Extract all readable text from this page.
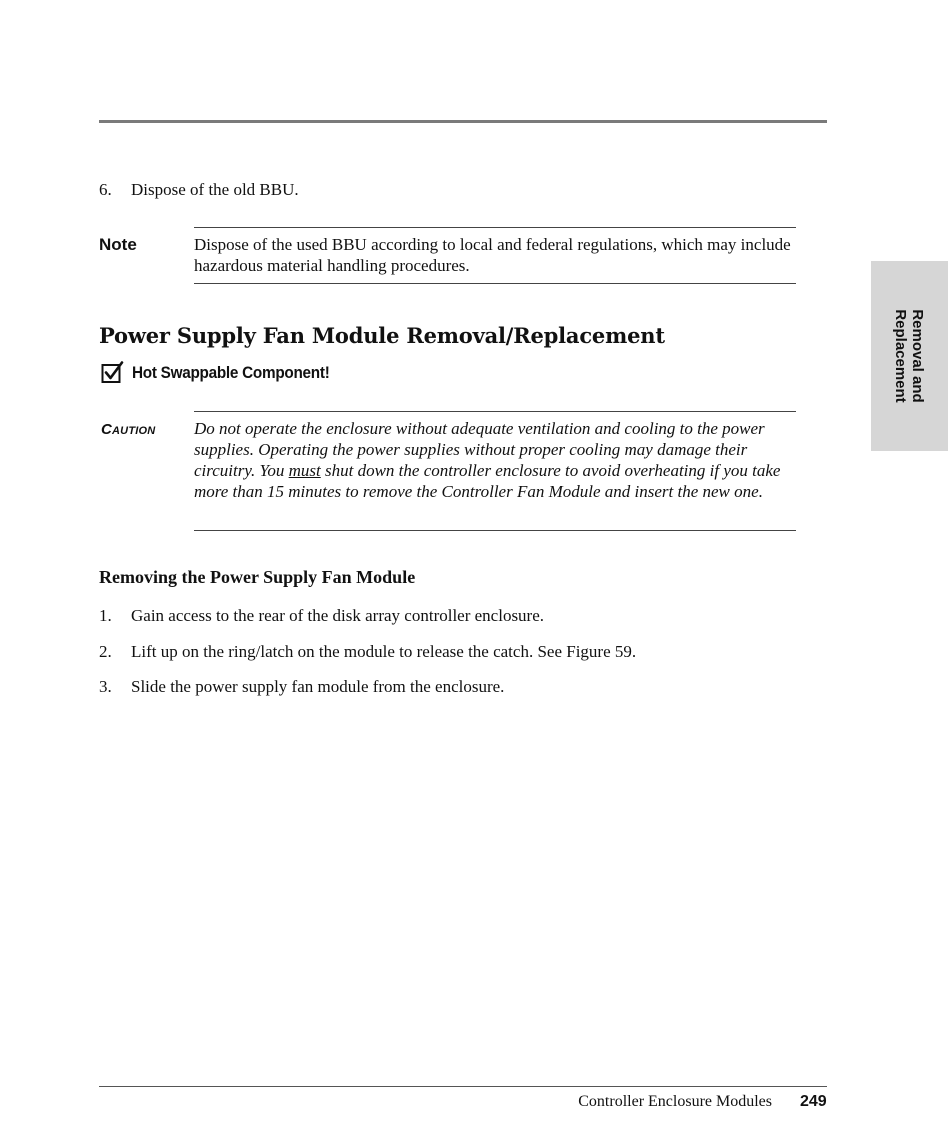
Removal and
Replacement
6. Dispose of the old BBU.
Note	Dispose of the used BBU according to local and federal regulations, which may include hazardous material handling procedures.
Power Supply Fan Module Removal/Replacement
Hot Swappable Component!
Caution Do not operate the enclosure without adequate ventilation and cooling to the power supplies. Operating the power supplies without proper cooling may damage their circuitry. You must shut down the controller enclosure to avoid overheating if you take more than 15 minutes to remove the Controller Fan Module and insert the new one.
Removing the Power Supply Fan Module
1. Gain access to the rear of the disk array controller enclosure.
2. Lift up on the ring/latch on the module to release the catch. See Figure 59.
3. Slide the power supply fan module from the enclosure.
Controller Enclosure Modules 249
